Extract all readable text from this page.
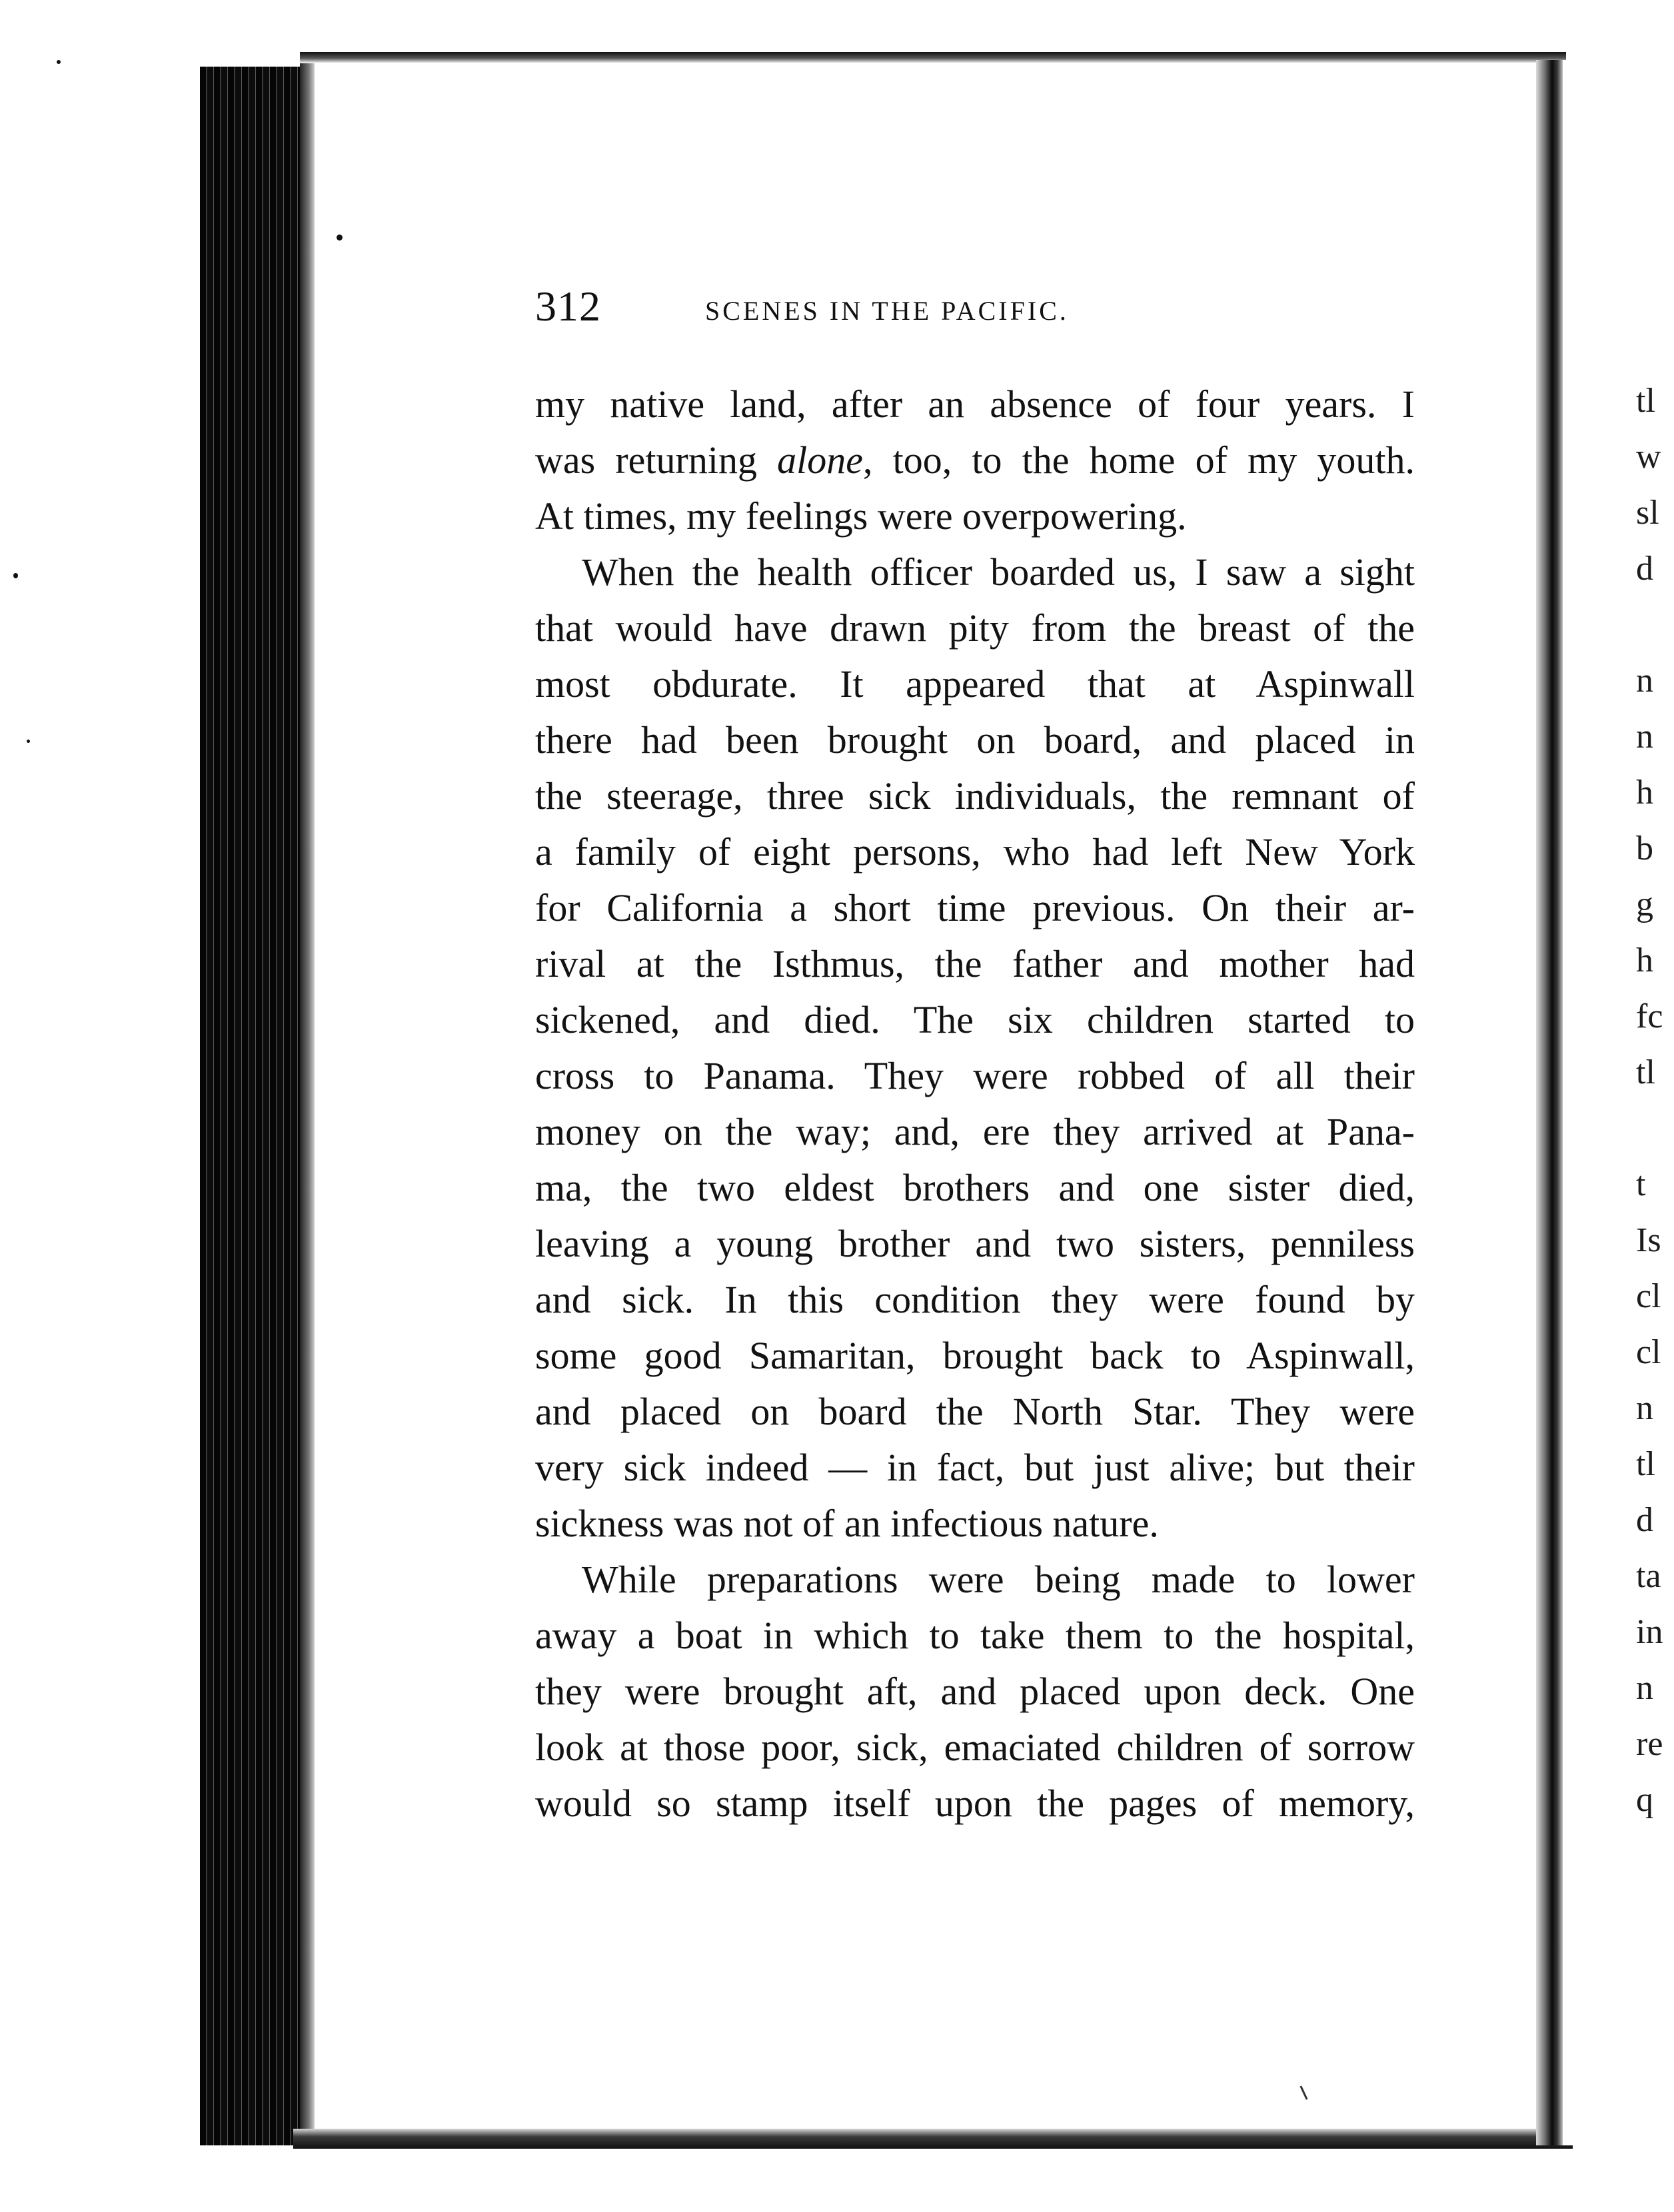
tl
w
sl
d
n
n
h
b
g
h
fc
tl
t
Is
cl
cl
n
tl
d
ta
in
n
re
q
312	SCENES IN THE PACIFIC.
my native land, after an absence of four years. I
was returning alone, too, to the home of my youth.
At times, my feelings were overpowering.
When the health officer boarded us, I saw a sight
that would have drawn pity from the breast of the
most obdurate. It appeared that at Aspinwall
there had been brought on board, and placed in
the steerage, three sick individuals, the remnant of
a family of eight persons, who had left New York
for California a short time previous. On their ar-
rival at the Isthmus, the father and mother had
sickened, and died. The six children started to
cross to Panama. They were robbed of all their
money on the way; and, ere they arrived at Pana-
ma, the two eldest brothers and one sister died,
leaving a young brother and two sisters, penniless
and sick. In this condition they were found by
some good Samaritan, brought back to Aspinwall,
and placed on board the North Star. They were
very sick indeed — in fact, but just alive; but their
sickness was not of an infectious nature.
While preparations were being made to lower
away a boat in which to take them to the hospital,
they were brought aft, and placed upon deck. One
look at those poor, sick, emaciated children of sorrow
would so stamp itself upon the pages of memory,
